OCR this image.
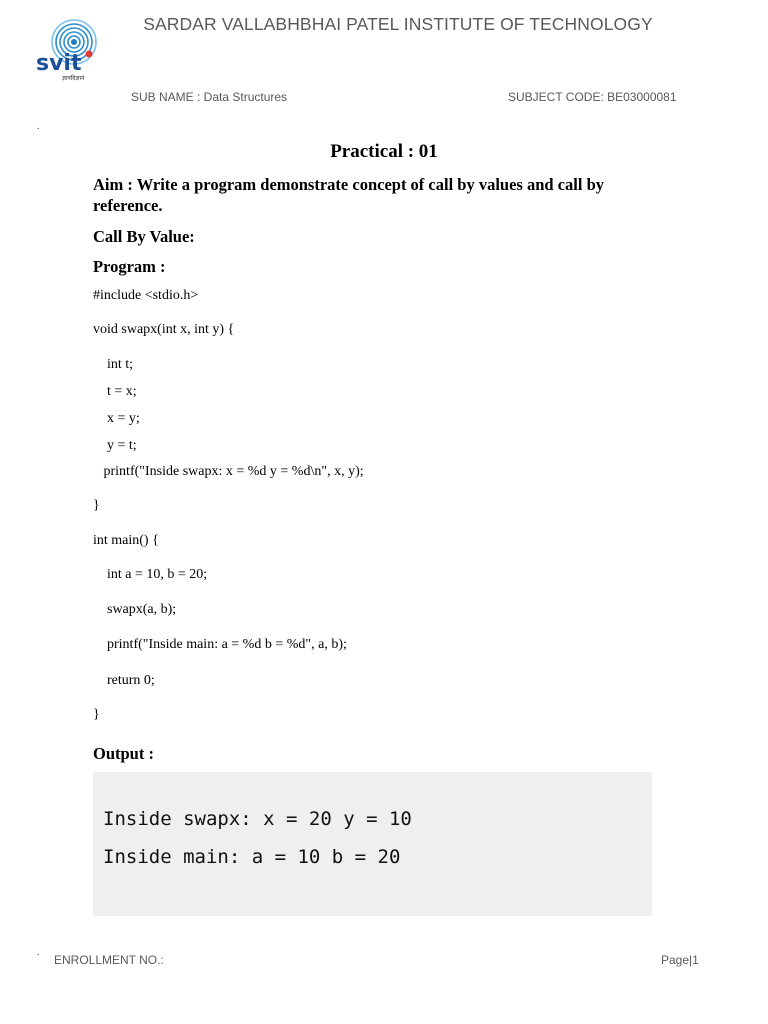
svit
ज्ञानविज्ञानं
SARDAR VALLABHBHAI PATEL INSTITUTE OF TECHNOLOGY
SUB NAME : Data Structures	SUBJECT CODE: BE03000081
.
Practical : 01
Aim : Write a program demonstrate concept of call by values and call by reference.
Call By Value:
Program :
#include <stdio.h>
void swapx(int x, int y) {
int t;
t = x;
x = y;
y = t;
printf("Inside swapx: x = %d y = %d\n", x, y);
}
int main() {
int a = 10, b = 20;
swapx(a, b);
printf("Inside main: a = %d b = %d", a, b);
return 0;
}
Output :
Inside swapx: x = 20 y = 10
Inside main: a = 10 b = 20
.
ENROLLMENT NO.:	Page|1
